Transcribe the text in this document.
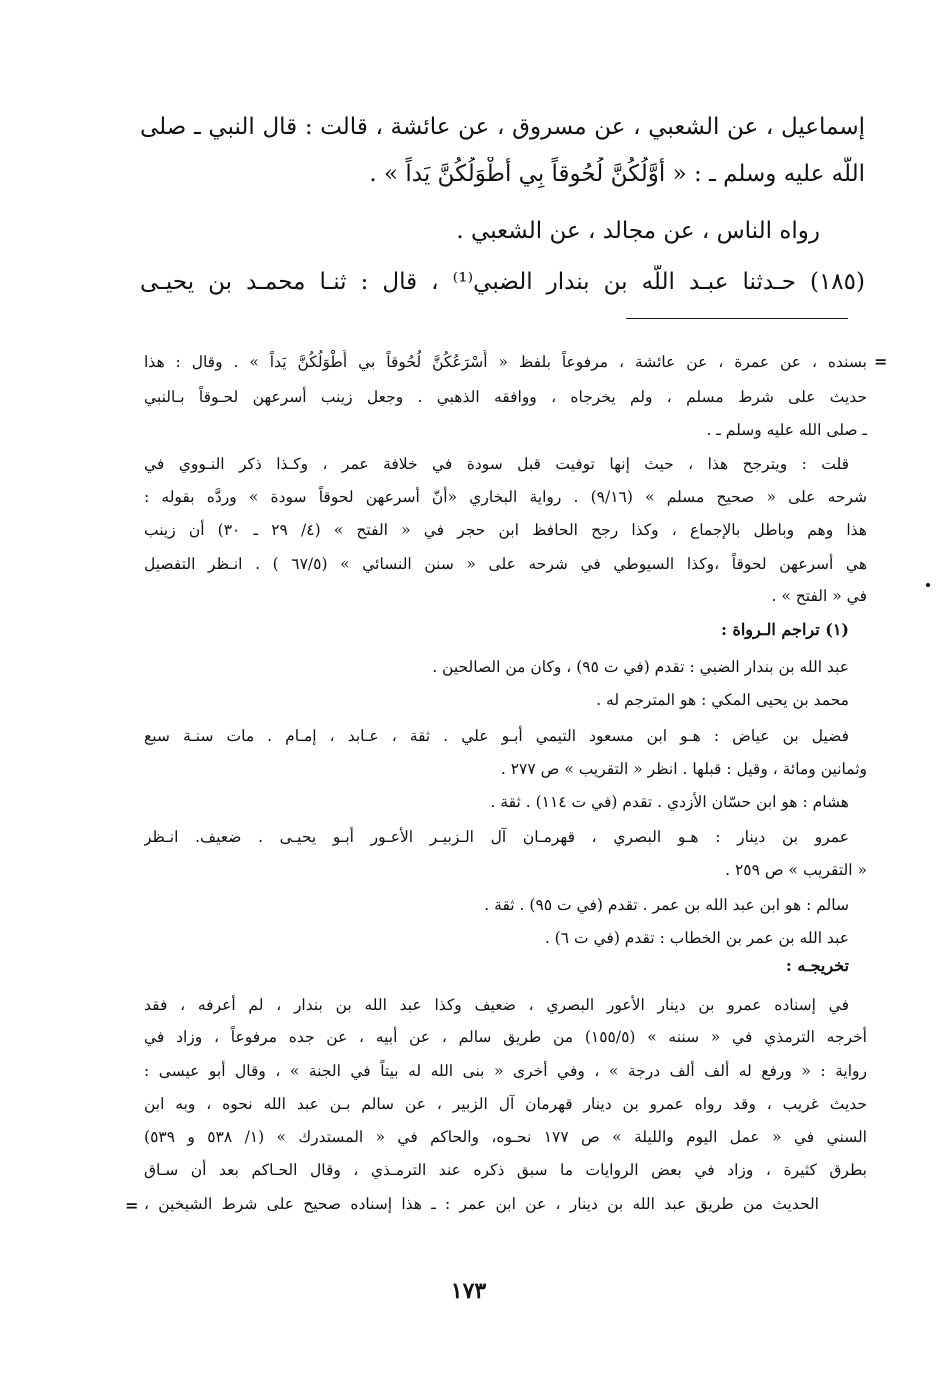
إسماعيل ، عن الشعبي ، عن مسروق ، عن عائشة ، قالت : قال النبي ـ صلى
اللّه عليه وسلم ـ : « أَوَّلُكُنَّ لُحُوقاً بِي أَطْوَلُكُنَّ يَداً » .
رواه الناس ، عن مجالد ، عن الشعبي .
(١٨٥) حـدثنا عبـد اللّه بن بندار الضبي⁽¹⁾ ، قال : ثنـا محمـد بن يحيـى
=
بسنده ، عن عمرة ، عن عائشة ، مرفوعاً بلفظ « أَسْرَعُكُنَّ لُحُوقاً بي أَطْوَلُكُنَّ يَداً » . وقال : هذا
حديث على شرط مسلم ، ولم يخرجاه ، ووافقه الذهبي . وجعل زينب أسرعهن لحـوقاً بـالنبي
ـ صلى الله عليه وسلم ـ .
قلت : ويترجح هذا ، حيث إنها توفيت قبل سودة في خلافة عمر ، وكـذا ذكر النـووي في
شرحه على « صحيح مسلم » (٩/١٦) . رواية البخاري «أنّ أسرعهن لحوقاً سودة » وردَّه بقوله :
هذا وهم وباطل بالإجماع ، وكذا رجح الحافظ ابن حجر في « الفتح » (٤/ ٢٩ ـ ٣٠) أن زينب
هي أسرعهن لحوقاً ،وكذا السيوطي في شرحه على « سنن النسائي » (٦٧/٥ ) . انـظر التفصيل
في « الفتح » .
(١) تراجم الـرواة :
عبد الله بن بندار الضبي : تقدم (في ت ٩٥) ، وكان من الصالحين .
محمد بن يحيى المكي : هو المترجم له .
فضيل بن عياض : هـو ابن مسعود التيمي أبـو علي . ثقة ، عـابد ، إمـام . مات سنـة سبع
وثمانين ومائة ، وقيل : قبلها . انظر « التقريب » ص ٢٧٧ .
هشام : هو ابن حسّان الأزدي . تقدم (في ت ١١٤) . ثقة .
عمرو بن دينار : هـو البصري ، قهرمـان آل الـزبيـر الأعـور أبـو يحيـى . ضعيف. انـظر
« التقريب » ص ٢٥٩ .
سالم : هو ابن عبد الله بن عمر . تقدم (في ت ٩٥) . ثقة .
عبد الله بن عمر بن الخطاب : تقدم (في ت ٦) .
تخريجـه :
في إسناده عمرو بن دينار الأعور البصري ، ضعيف وكذا عبد الله بن بندار ، لم أعرفه ، فقد
أخرجه الترمذي في « سننه » (١٥٥/٥) من طريق سالم ، عن أبيه ، عن جده مرفوعاً ، وزاد في
رواية : « ورفع له ألف ألف درجة » ، وفي أخرى « بنى الله له بيتاً في الجنة » ، وقال أبو عيسى :
حديث غريب ، وقد رواه عمرو بن دينار قهرمان آل الزبير ، عن سالم بـن عبد الله نحوه ، وبه ابن
السني في « عمل اليوم والليلة » ص ١٧٧ نحـوه، والحاكم في « المستدرك » (١/ ٥٣٨ و ٥٣٩)
بطرق كثيرة ، وزاد في بعض الروايات ما سبق ذكره عند الترمـذي ، وقال الحـاكم بعد أن سـاق
الحديث من طريق عبد الله بن دينار ، عن ابن عمر : ـ هذا إسناده صحيح على شرط الشيخين ،
=
١٧٣
